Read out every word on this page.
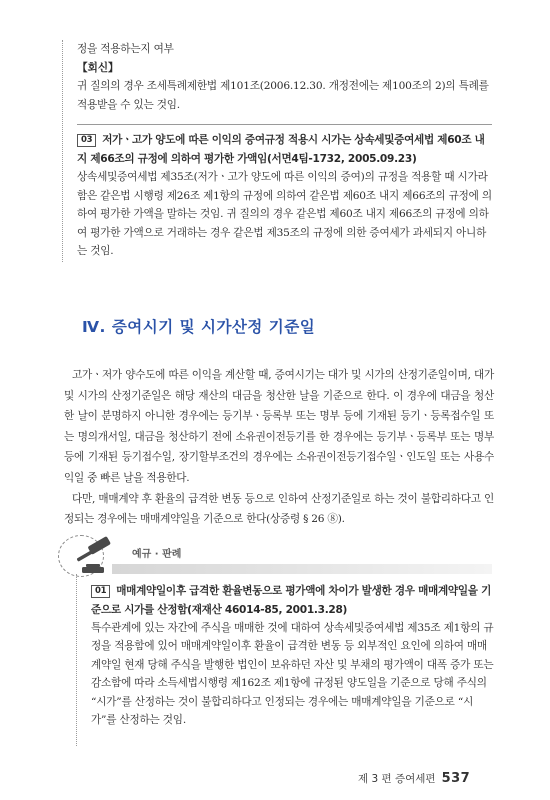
정을 적용하는지 여부

【회신】

귀 질의의 경우 조세특례제한법 제101조(2006.12.30. 개정전에는 제100조의 2)의 특례를 적용받을 수 있는 것임.

03 저가ㆍ고가 양도에 따른 이익의 증여규정 적용시 시가는 상속세및증여세법 제60조 내지 제66조의 규정에 의하여 평가한 가액임(서면4팀-1732, 2005.09.23)

상속세및증여세법 제35조(저가ㆍ고가 양도에 따른 이익의 증여)의 규정을 적용할 때 시가라 함은 같은법 시행령 제26조 제1항의 규정에 의하여 같은법 제60조 내지 제66조의 규정에 의하여 평가한 가액을 말하는 것임. 귀 질의의 경우 같은법 제60조 내지 제66조의 규정에 의하여 평가한 가액으로 거래하는 경우 같은법 제35조의 규정에 의한 증여세가 과세되지 아니하는 것임.

Ⅳ. 증여시기 및 시가산정 기준일

고가ㆍ저가 양수도에 따른 이익을 계산할 때, 증여시기는 대가 및 시가의 산정기준일이며, 대가 및 시가의 산정기준일은 해당 재산의 대금을 청산한 날을 기준으로 한다. 이 경우에 대금을 청산한 날이 분명하지 아니한 경우에는 등기부ㆍ등록부 또는 명부 등에 기재된 등기ㆍ등록접수일 또는 명의개서일, 대금을 청산하기 전에 소유권이전등기를 한 경우에는 등기부ㆍ등록부 또는 명부 등에 기재된 등기접수일, 장기할부조건의 경우에는 소유권이전등기접수일ㆍ인도일 또는 사용수익일 중 빠른 날을 적용한다.

다만, 매매계약 후 환율의 급격한 변동 등으로 인하여 산정기준일로 하는 것이 불합리하다고 인정되는 경우에는 매매계약일을 기준으로 한다(상증령 § 26 ⑧).

예규 · 판례

01 매매계약일이후 급격한 환율변동으로 평가액에 차이가 발생한 경우 매매계약일을 기준으로 시가를 산정함(재재산 46014-85, 2001.3.28)

특수관계에 있는 자간에 주식을 매매한 것에 대하여 상속세및증여세법 제35조 제1항의 규정을 적용함에 있어 매매계약일이후 환율이 급격한 변동 등 외부적인 요인에 의하여 매매계약일 현재 당해 주식을 발행한 법인이 보유하던 자산 및 부채의 평가액이 대폭 증가 또는 감소함에 따라 소득세법시행령 제162조 제1항에 규정된 양도일을 기준으로 당해 주식의 “시가”를 산정하는 것이 불합리하다고 인정되는 경우에는 매매계약일을 기준으로 “시가”를 산정하는 것임.

제 3 편 증여세편 537
